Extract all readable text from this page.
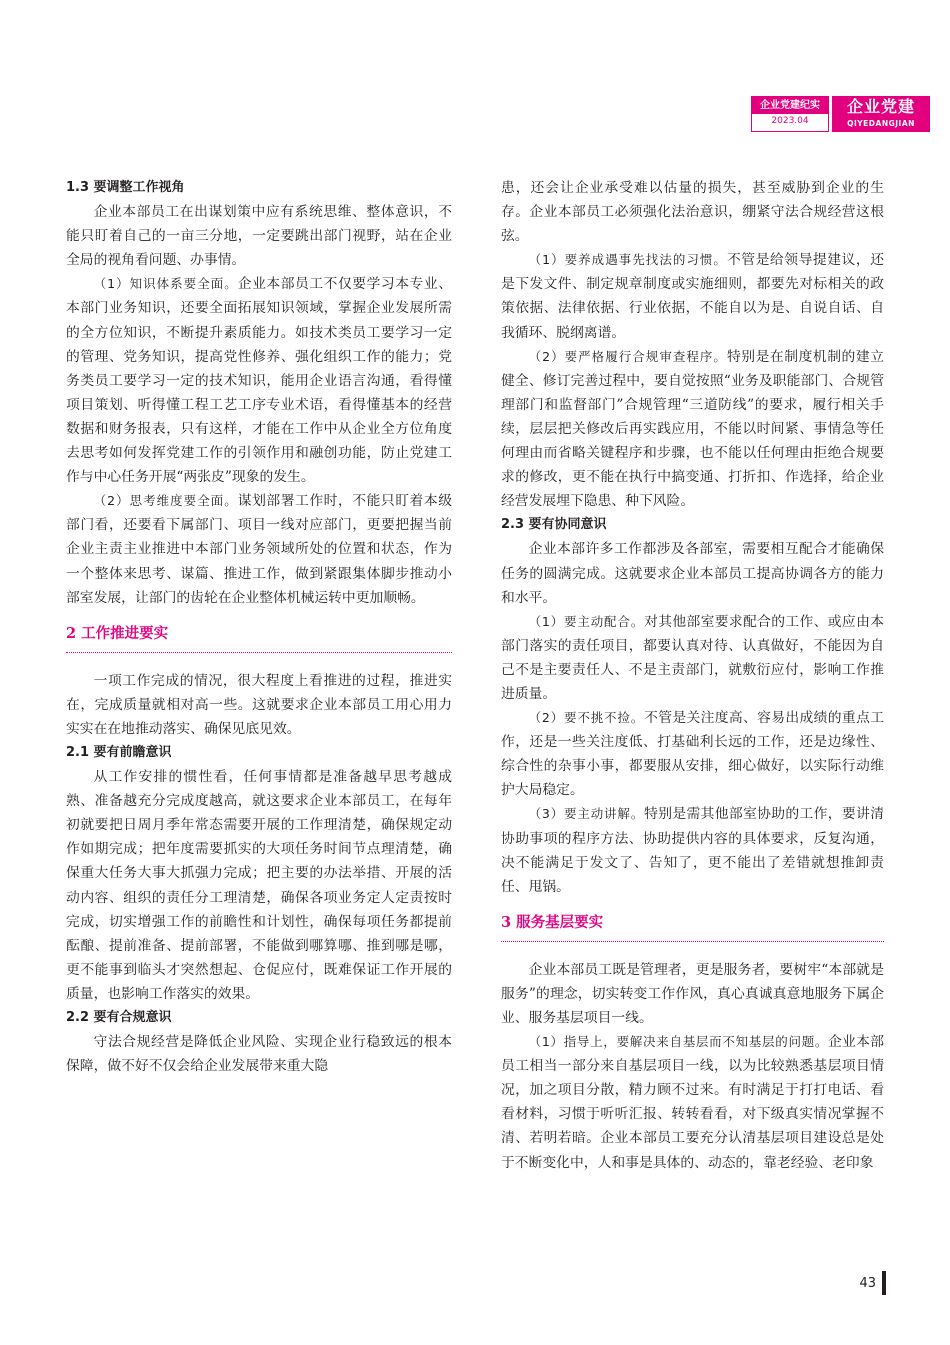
企业党建纪实
2023.04
企业党建
QIYEDANGJIAN
1.3 要调整工作视角

企业本部员工在出谋划策中应有系统思维、整体意识，不能只盯着自己的一亩三分地，一定要跳出部门视野，站在企业全局的视角看问题、办事情。

（1）知识体系要全面。企业本部员工不仅要学习本专业、本部门业务知识，还要全面拓展知识领域，掌握企业发展所需的全方位知识，不断提升素质能力。如技术类员工要学习一定的管理、党务知识，提高党性修养、强化组织工作的能力；党务类员工要学习一定的技术知识，能用企业语言沟通，看得懂项目策划、听得懂工程工艺工序专业术语，看得懂基本的经营数据和财务报表，只有这样，才能在工作中从企业全方位角度去思考如何发挥党建工作的引领作用和融创功能，防止党建工作与中心任务开展“两张皮”现象的发生。

（2）思考维度要全面。谋划部署工作时，不能只盯着本级部门看，还要看下属部门、项目一线对应部门，更要把握当前企业主责主业推进中本部门业务领域所处的位置和状态，作为一个整体来思考、谋篇、推进工作，做到紧跟集体脚步推动小部室发展，让部门的齿轮在企业整体机械运转中更加顺畅。

2 工作推进要实

一项工作完成的情况，很大程度上看推进的过程，推进实在，完成质量就相对高一些。这就要求企业本部员工用心用力实实在在地推动落实、确保见底见效。

2.1 要有前瞻意识

从工作安排的惯性看，任何事情都是准备越早思考越成熟、准备越充分完成度越高，就这要求企业本部员工，在每年初就要把日周月季年常态需要开展的工作理清楚，确保规定动作如期完成；把年度需要抓实的大项任务时间节点理清楚，确保重大任务大事大抓强力完成；把主要的办法举措、开展的活动内容、组织的责任分工理清楚，确保各项业务定人定责按时完成，切实增强工作的前瞻性和计划性，确保每项任务都提前酝酿、提前准备、提前部署，不能做到哪算哪、推到哪是哪，更不能事到临头才突然想起、仓促应付，既难保证工作开展的质量，也影响工作落实的效果。

2.2 要有合规意识

守法合规经营是降低企业风险、实现企业行稳致远的根本保障，做不好不仅会给企业发展带来重大隐

患，还会让企业承受难以估量的损失，甚至威胁到企业的生存。企业本部员工必须强化法治意识，绷紧守法合规经营这根弦。

（1）要养成遇事先找法的习惯。不管是给领导提建议，还是下发文件、制定规章制度或实施细则，都要先对标相关的政策依据、法律依据、行业依据，不能自以为是、自说自话、自我循环、脱纲离谱。

（2）要严格履行合规审查程序。特别是在制度机制的建立健全、修订完善过程中，要自觉按照“业务及职能部门、合规管理部门和监督部门”合规管理“三道防线”的要求，履行相关手续，层层把关修改后再实践应用，不能以时间紧、事情急等任何理由而省略关键程序和步骤，也不能以任何理由拒绝合规要求的修改，更不能在执行中搞变通、打折扣、作选择，给企业经营发展埋下隐患、种下风险。

2.3 要有协同意识

企业本部许多工作都涉及各部室，需要相互配合才能确保任务的圆满完成。这就要求企业本部员工提高协调各方的能力和水平。

（1）要主动配合。对其他部室要求配合的工作、或应由本部门落实的责任项目，都要认真对待、认真做好，不能因为自己不是主要责任人、不是主责部门，就敷衍应付，影响工作推进质量。

（2）要不挑不捡。不管是关注度高、容易出成绩的重点工作，还是一些关注度低、打基础利长远的工作，还是边缘性、综合性的杂事小事，都要服从安排，细心做好，以实际行动维护大局稳定。

（3）要主动讲解。特别是需其他部室协助的工作，要讲清协助事项的程序方法、协助提供内容的具体要求，反复沟通，决不能满足于发文了、告知了，更不能出了差错就想推卸责任、甩锅。

3 服务基层要实

企业本部员工既是管理者，更是服务者，要树牢“本部就是服务”的理念，切实转变工作作风，真心真诚真意地服务下属企业、服务基层项目一线。

（1）指导上，要解决来自基层而不知基层的问题。企业本部员工相当一部分来自基层项目一线，以为比较熟悉基层项目情况，加之项目分散，精力顾不过来。有时满足于打打电话、看看材料，习惯于听听汇报、转转看看，对下级真实情况掌握不清、若明若暗。企业本部员工要充分认清基层项目建设总是处于不断变化中，人和事是具体的、动态的，靠老经验、老印象

43
